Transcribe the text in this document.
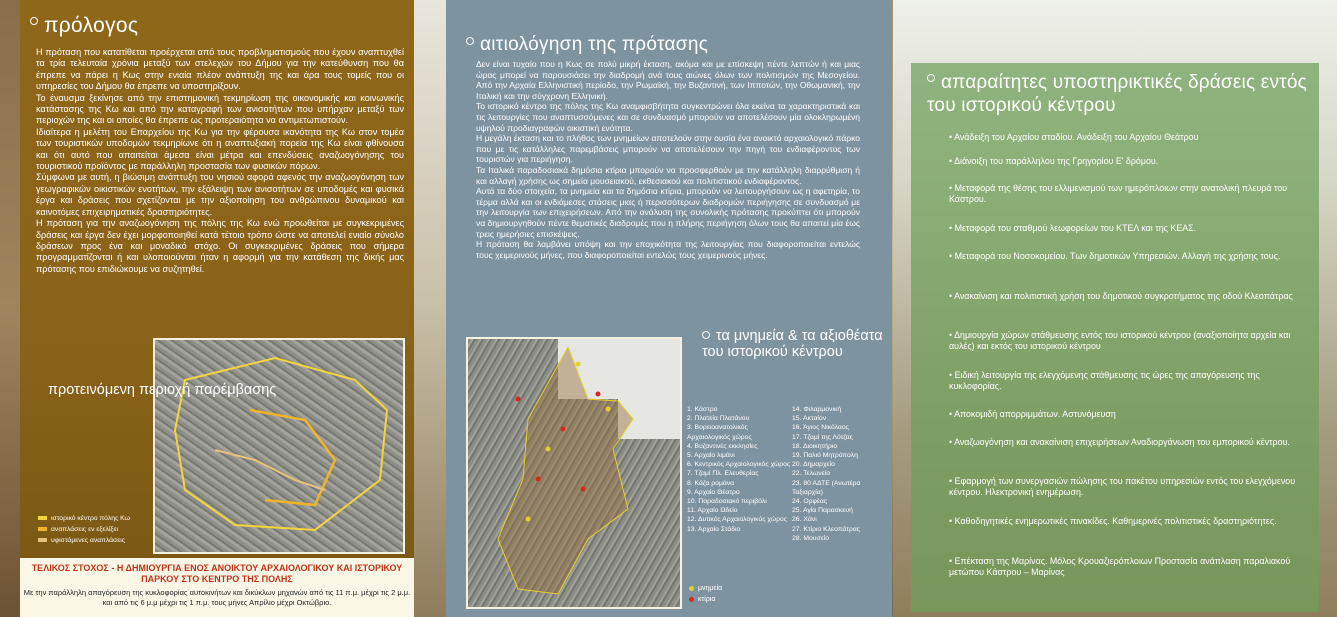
πρόλογος

Η πρόταση που κατατίθεται προέρχεται από τους προβληματισμούς που έχουν αναπτυχθεί τα τρία τελευταία χρόνια μεταξύ των στελεχών του Δήμου για την κατεύθυνση που θα έπρεπε να πάρει η Κως στην ενιαία πλέον ανάπτυξη της και άρα τους τομείς που οι υπηρεσίες του Δήμου θα έπρεπε να υποστηρίξουν.

Το έναυσμα ξεκίνησε από την επιστημονική τεκμηρίωση της οικονομικής και κοινωνικής κατάστασης της Κω και από την καταγραφή των ανισοτήτων που υπήρχαν μεταξύ των περιοχών της και οι οποίες θα έπρεπε ως προτεραιότητα να αντιμετωπιστούν.

Ιδιαίτερα η μελέτη του Επαρχείου της Κω για την φέρουσα ικανότητα της Κω στον τομέα των τουριστικών υποδομών τεκμηρίωνε ότι η αναπτυξιακή πορεία της Κω είναι φθίνουσα και ότι αυτό που απαιτείται άμεσα είναι μέτρα και επενδύσεις αναζωογόνησης του τουριστικού προϊόντος με παράλληλη προστασία των φυσικών πόρων.

Σύμφωνα με αυτή, η βιώσιμη ανάπτυξη του νησιού αφορά αφενός την αναζωογόνηση των γεωγραφικών οικιστικών ενοτήτων, την εξάλειψη των ανισοτήτων σε υποδομές και φυσικά έργα και δράσεις που σχετίζονται με την αξιοποίηση του ανθρώπινου δυναμικού και καινοτόμες επιχειρηματικές δραστηριότητες.

Η πρόταση για την αναζωογόνηση της πόλης της Κω ενώ προωθείται με συγκεκριμένες δράσεις και έργα δεν έχει μορφοποιηθεί κατά τέτοιο τρόπο ώστε να αποτελεί ενιαίο σύνολο δράσεων προς ένα και μοναδικό στόχο. Οι συγκεκριμένες δράσεις που σήμερα προγραμματίζονται ή και υλοποιούνται ήταν η αφορμή για την κατάθεση της δικής μας πρότασης που επιδιώκουμε να συζητηθεί.

προτεινόμενη περιοχή παρέμβασης
ιστορικό κέντρο πόλης Κω
αναπλάσεις εν εξελίξει
υφιστάμενες αναπλάσεις
ΤΕΛΙΚΟΣ ΣΤΟΧΟΣ - Η ΔΗΜΙΟΥΡΓΙΑ ΕΝΟΣ ΑΝΟΙΚΤΟΥ ΑΡΧΑΙΟΛΟΓΙΚΟΥ ΚΑΙ ΙΣΤΟΡΙΚΟΥ ΠΑΡΚΟΥ ΣΤΟ ΚΕΝΤΡΟ ΤΗΣ ΠΟΛΗΣ
Με την παράλληλη απαγόρευση της κυκλοφορίας αυτοκινήτων και δικύκλων μηχανών από τις 11 π.μ. μέχρι τις 2 μ.μ. και από τις 6 μ.μ μέχρι τις 1 π.μ. τους μήνες Απρίλιο μέχρι Οκτώβριο.
αιτιολόγηση της πρότασης

Δεν είναι τυχαίο που η Κως σε πολύ μικρή έκταση, ακόμα και με επίσκεψη πέντε λεπτών ή και μιας ώρας μπορεί να παρουσιάσει την διαδρομή ανά τους αιώνες όλων των πολιτισμών της Μεσογείου. Από την Αρχαία Ελληνιστική περίοδο, την Ρωμαϊκή, την Βυζαντινή, των Ιπποτών, την Οθωμανική, την Ιταλική και την σύγχρονη Ελληνική.

Το ιστορικό κέντρο της πόλης της Κω αναμφισβήτητα συγκεντρώνει όλα εκείνα τα χαρακτηριστικά και τις λειτουργίες που αναπτυσσόμενες και σε συνδυασμό μπορούν να αποτελέσουν μία ολοκληρωμένη υψηλού προδιαγραφών οικιστική ενότητα.

Η μεγάλη έκταση και το πλήθος των μνημείων αποτελούν στην ουσία ένα ανοικτό αρχαιολογικό πάρκο που με τις κατάλληλες παρεμβάσεις μπορούν να αποτελέσουν την πηγή του ενδιαφέροντος των τουριστών για περιήγηση.

Τα Ιταλικά παραδοσιακά δημόσια κτίρια μπορούν να προσφερθούν με την κατάλληλη διαρρύθμιση ή και αλλαγή χρήσης ως σημεία μουσειακού, εκθεσιακού και πολιτιστικού ενδιαφέροντος.

Αυτά τα δύο στοιχεία, τα μνημεία και τα δημόσια κτίρια, μπορούν να λειτουργήσουν ως η αφετηρία, το τέρμα αλλά και οι ενδιάμεσες στάσεις μιας ή περισσότερων διαδρομών περιήγησης σε συνδυασμό με την λειτουργία των επιχειρήσεων. Από την ανάλυση της συνολικής πρότασης προκύπτει ότι μπορούν να δημιουργηθούν πέντε θεματικές διαδρομές που η πλήρης περιήγηση όλων τους θα απαιτεί μία έως τρεις ημερήσιες επισκέψεις.

Η πρόταση θα λαμβάνει υπόψη και την εποχικότητα της λειτουργίας που διαφοροποιείται εντελώς τους χειμερινούς μήνες, που διαφοροποιείται εντελώς τους χειμερινούς μήνες.

τα μνημεία & τα αξιοθέατα του ιστορικού κέντρου
1. Κάστρο
2. Πλατεία Πλατάνου
3. Βορειοανατολικός Αρχαιολογικός χώρος
4. Βυζαντινές εκκλησίες
5. Αρχαίο λιμάνι
6. Κεντρικός Αρχαιολογικός χώρος
7. Τζαμί Πλ. Ελευθερίας
8. Κάζα ρομάνα
9. Αρχαίο Θέατρο
10. Παραδοσιακό περιβόλι
11. Αρχαίο Ωδείο
12. Δυτικός Αρχαιολογικός χώρος
13. Αρχαίο Στάδιο
14. Φιλαρμονική
15. Ακταίον
16. Άγιος Νικόλαος
17. Τζαμί της Λότζας
18. Διοικητήριο
19. Παλιό Μητρόπολη
20. Δημαρχείο
22. Τελωνείο
23. 80 ΑΔΤΕ (Ανωτέρα Ταξιαρχία)
24. Ορφέας
25. Αγία Παρασκευή
26. Χάνι
27. Κτίριο Κλεοπάτρας
28. Μουσείο
μνημεία
κτίρια
απαραίτητες υποστηρικτικές δράσεις εντός του ιστορικού κέντρου
• Ανάδειξη του Αρχαίου σταδίου. Ανάδειξη του Αρχαίου Θεάτρου
• Διάνοιξη του παράλληλου της Γρηγορίου Ε' δρόμου.
• Μεταφορά της θέσης του ελλιμενισμού των ημερόπλοιων στην ανατολική πλευρά του Κάστρου.
• Μεταφορά του σταθμού λεωφορείων του ΚΤΕΛ και της ΚΕΑΣ.
• Μεταφορά του Νοσοκομείου. Των δημοτικών Υπηρεσιών. Αλλαγή της χρήσης τους.
• Ανακαίνιση και πολιτιστική χρήση του δημοτικού συγκροτήματος της οδού Κλεοπάτρας
• Δημιουργία χώρων στάθμευσης εντός του ιστορικού κέντρου (αναξιοποίητα αρχεία και αυλές) και εκτός του ιστορικού κέντρου
• Ειδική λειτουργία της ελεγχόμενης στάθμευσης τις ώρες της απαγόρευσης της κυκλοφορίας.
• Αποκομιδή απορριμμάτων. Αστυνόμευση
• Αναζωογόνηση και ανακαίνιση επιχειρήσεων Αναδιοργάνωση του εμπορικού κέντρου.
• Εφαρμογή των συνεργασιών πώλησης του πακέτου υπηρεσιών εντός του ελεγχόμενου κέντρου. Ηλεκτρονική ενημέρωση.
• Καθοδηγητικές ενημερωτικές πινακίδες. Καθημερινές πολιτιστικές δραστηριότητες.
• Επέκταση της Μαρίνας. Μόλος Κρουαζιερόπλοιων Προστασία ανάπλαση παραλιακού μετώπου Κάστρου – Μαρίνας
